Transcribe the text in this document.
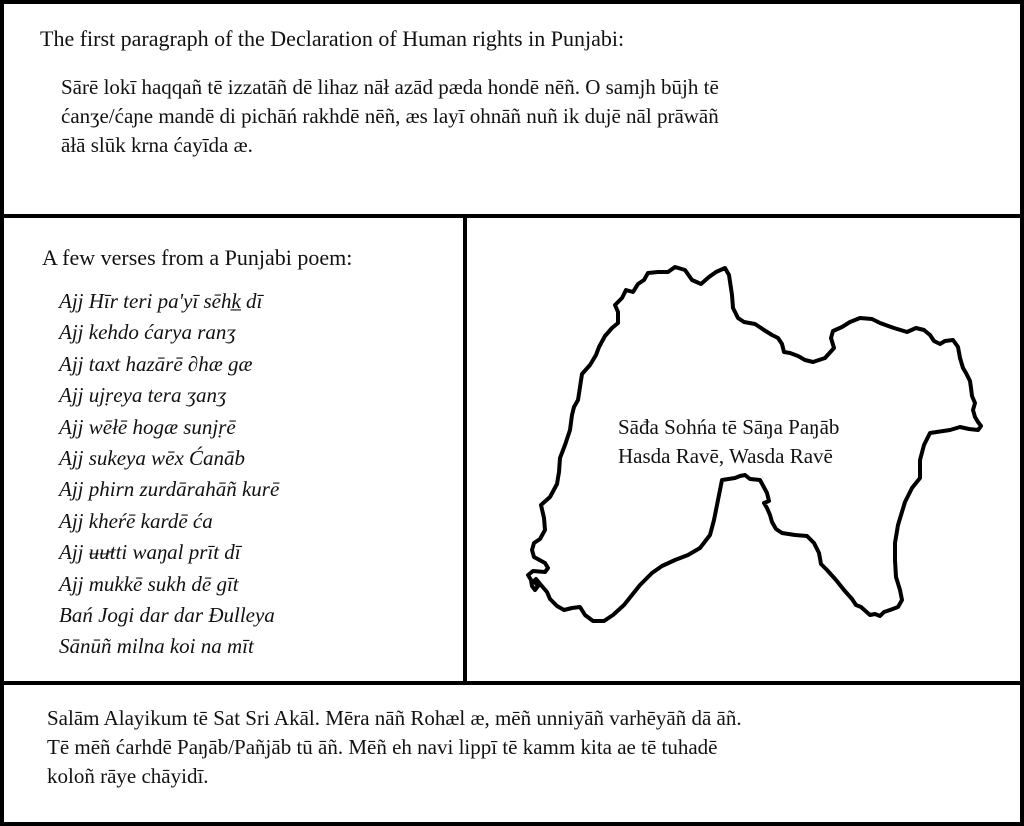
The first paragraph of the Declaration of Human rights in Punjabi:
Sārē lokī haqqañ tē izzatāñ dē lihaz nāł azād pæda hondē nēñ. O samjh būjh tē
ćanʒe/ćaɲe mandē di pichāń rakhdē nēñ, æs layī ohnāñ nuñ ik dujē nāl prāwāñ
āłā slūk krna ćayīda æ.
A few verses from a Punjabi poem:
Ajj Hīr teri pa'yī sēhk̲ dī
Ajj kehdo ćarya ranʒ
Ajj taxt hazārē ∂hæ gæ
Ajj ujṛeya tera ʒanʒ
Ajj wēłē hogæ sunjṛē
Ajj sukeya wēx Ćanāb
Ajj phirn zurdārahāñ kurē
Ajj kheŕē kardē ća
Ajj ʉʉ̵tti waŋal prīt dī
Ajj mukkē sukh dē gīt
Bań Jogi dar dar Đulleya
Sānūñ milna koi na mīt
Sāđa Sohńa tē Sāŋa Paŋāb
Hasda Ravē, Wasda Ravē
Salām Alayikum tē Sat Sri Akāl. Mēra nāñ Rohæl æ, mēñ unniyāñ varhēyāñ dā āñ.
Tē mēñ ćarhdē Paŋāb/Pañjāb tū āñ. Mēñ eh navi lippī tē kamm kita ae tē tuhadē
koloñ rāye chāyidī.
